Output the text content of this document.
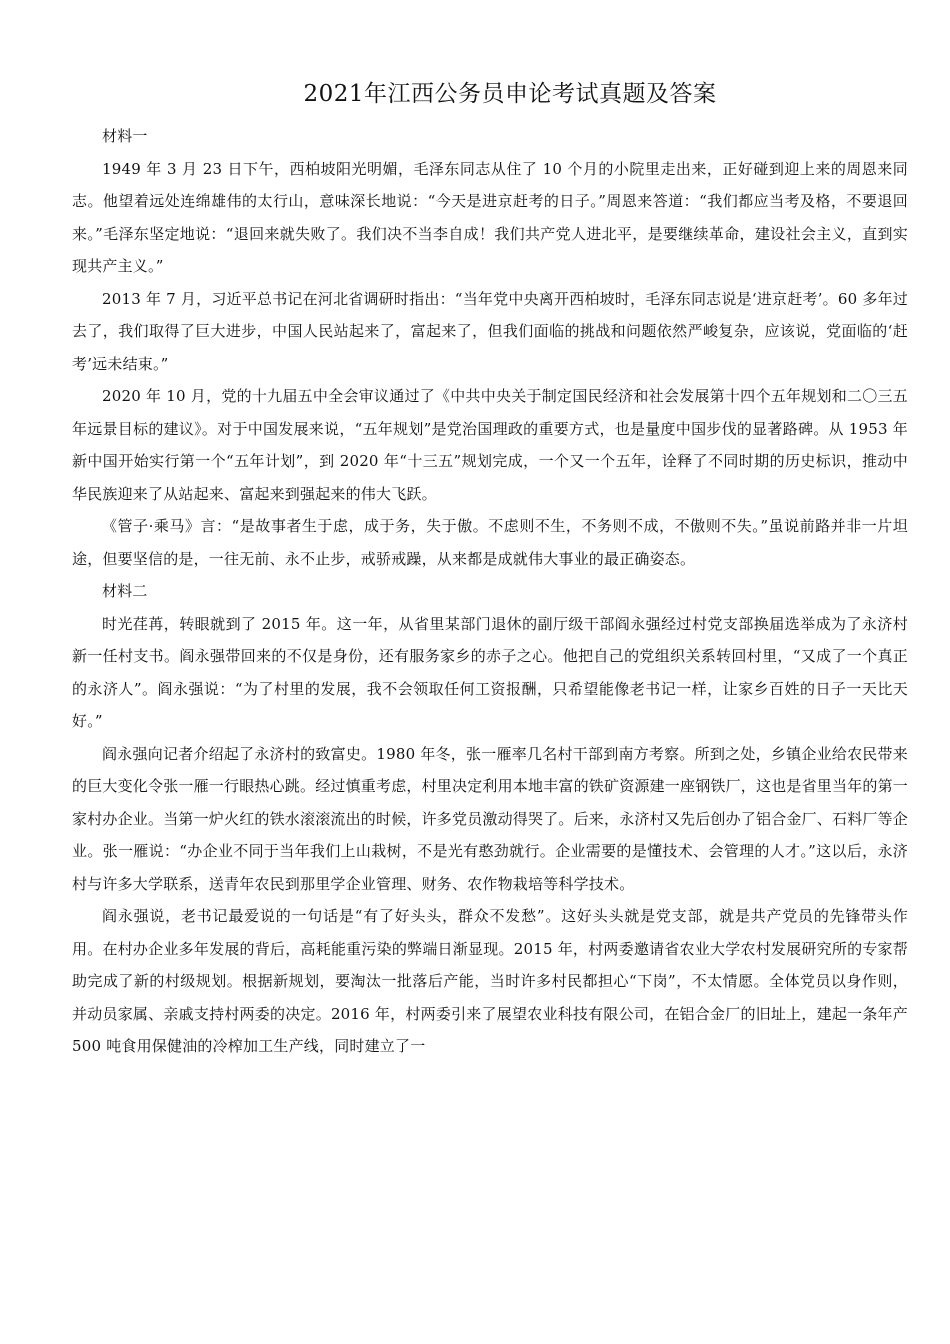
2021年江西公务员申论考试真题及答案

材料一

1949 年 3 月 23 日下午，西柏坡阳光明媚，毛泽东同志从住了 10 个月的小院里走出来，正好碰到迎上来的周恩来同志。他望着远处连绵雄伟的太行山，意味深长地说：“今天是进京赶考的日子。”周恩来答道：“我们都应当考及格，不要退回来。”毛泽东坚定地说：“退回来就失败了。我们决不当李自成！我们共产党人进北平，是要继续革命，建设社会主义，直到实现共产主义。”

2013 年 7 月，习近平总书记在河北省调研时指出：“当年党中央离开西柏坡时，毛泽东同志说是‘进京赶考’。60 多年过去了，我们取得了巨大进步，中国人民站起来了，富起来了，但我们面临的挑战和问题依然严峻复杂，应该说，党面临的‘赶考’远未结束。”

2020 年 10 月，党的十九届五中全会审议通过了《中共中央关于制定国民经济和社会发展第十四个五年规划和二〇三五年远景目标的建议》。对于中国发展来说，“五年规划”是党治国理政的重要方式，也是量度中国步伐的显著路碑。从 1953 年新中国开始实行第一个“五年计划”，到 2020 年“十三五”规划完成，一个又一个五年，诠释了不同时期的历史标识，推动中华民族迎来了从站起来、富起来到强起来的伟大飞跃。

《管子·乘马》言：“是故事者生于虑，成于务，失于傲。不虑则不生，不务则不成，不傲则不失。”虽说前路并非一片坦途，但要坚信的是，一往无前、永不止步，戒骄戒躁，从来都是成就伟大事业的最正确姿态。

材料二

时光荏苒，转眼就到了 2015 年。这一年，从省里某部门退休的副厅级干部阎永强经过村党支部换届选举成为了永济村新一任村支书。阎永强带回来的不仅是身份，还有服务家乡的赤子之心。他把自己的党组织关系转回村里，“又成了一个真正的永济人”。阎永强说：“为了村里的发展，我不会领取任何工资报酬，只希望能像老书记一样，让家乡百姓的日子一天比天好。”

阎永强向记者介绍起了永济村的致富史。1980 年冬，张一雁率几名村干部到南方考察。所到之处，乡镇企业给农民带来的巨大变化令张一雁一行眼热心跳。经过慎重考虑，村里决定利用本地丰富的铁矿资源建一座钢铁厂，这也是省里当年的第一家村办企业。当第一炉火红的铁水滚滚流出的时候，许多党员激动得哭了。后来，永济村又先后创办了铝合金厂、石料厂等企业。张一雁说：“办企业不同于当年我们上山栽树，不是光有憨劲就行。企业需要的是懂技术、会管理的人才。”这以后，永济村与许多大学联系，送青年农民到那里学企业管理、财务、农作物栽培等科学技术。

阎永强说，老书记最爱说的一句话是“有了好头头，群众不发愁”。这好头头就是党支部，就是共产党员的先锋带头作用。在村办企业多年发展的背后，高耗能重污染的弊端日渐显现。2015 年，村两委邀请省农业大学农村发展研究所的专家帮助完成了新的村级规划。根据新规划，要淘汰一批落后产能，当时许多村民都担心“下岗”，不太情愿。全体党员以身作则，并动员家属、亲戚支持村两委的决定。2016 年，村两委引来了展望农业科技有限公司，在铝合金厂的旧址上，建起一条年产 500 吨食用保健油的冷榨加工生产线，同时建立了一
